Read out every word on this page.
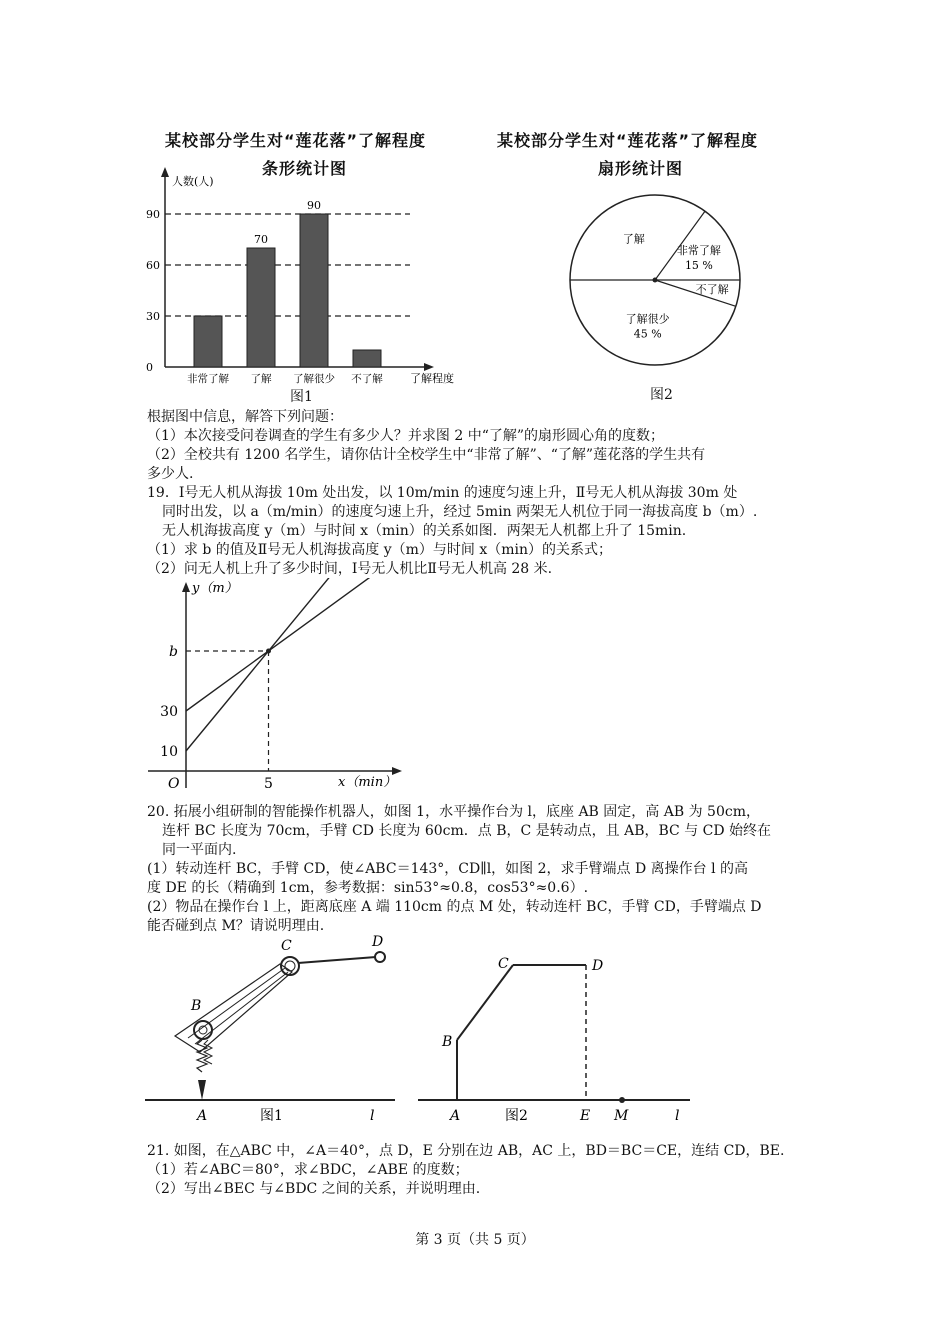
某校部分学生对“莲花落”了解程度
条形统计图
某校部分学生对“莲花落”了解程度
扇形统计图
人数(人)
了解程度
0
30
60
90
非常了解 了解 了解很少 不了解
70
90
图1
了解
非常了解
15 %
不了解
了解很少
45 %
图2
根据图中信息，解答下列问题：
（1）本次接受问卷调查的学生有多少人？并求图 2 中“了解”的扇形圆心角的度数；
（2）全校共有 1200 名学生，请你估计全校学生中“非常了解”、“了解”莲花落的学生共有
多少人.
19．Ⅰ号无人机从海拔 10m 处出发，以 10m/min 的速度匀速上升，Ⅱ号无人机从海拔 30m 处
同时出发，以 a（m/min）的速度匀速上升，经过 5min 两架无人机位于同一海拔高度 b（m）.
无人机海拔高度 y（m）与时间 x（min）的关系如图．两架无人机都上升了 15min.
（1）求 b 的值及Ⅱ号无人机海拔高度 y（m）与时间 x（min）的关系式；
（2）问无人机上升了多少时间，Ⅰ号无人机比Ⅱ号无人机高 28 米.
y（m）
x（min）
O
10
30
b
5
20. 拓展小组研制的智能操作机器人，如图 1，水平操作台为 l，底座 AB 固定，高 AB 为 50cm，
连杆 BC 长度为 70cm，手臂 CD 长度为 60cm．点 B，C 是转动点，且 AB，BC 与 CD 始终在
同一平面内.
(1）转动连杆 BC，手臂 CD，使∠ABC＝143°，CD∥l，如图 2，求手臂端点 D 离操作台 l 的高
度 DE 的长（精确到 1cm，参考数据：sin53°≈0.8，cos53°≈0.6）.
(2）物品在操作台 l 上，距离底座 A 端 110cm 的点 M 处，转动连杆 BC，手臂 CD，手臂端点 D
能否碰到点 M？请说明理由.
A
B
C	D
l
图1	A
B
C	D
E M	l
图2
21. 如图，在△ABC 中，∠A＝40°，点 D，E 分别在边 AB，AC 上，BD＝BC＝CE，连结 CD，BE.
（1）若∠ABC＝80°，求∠BDC，∠ABE 的度数；
（2）写出∠BEC 与∠BDC 之间的关系，并说明理由.
第 3 页（共 5 页）
